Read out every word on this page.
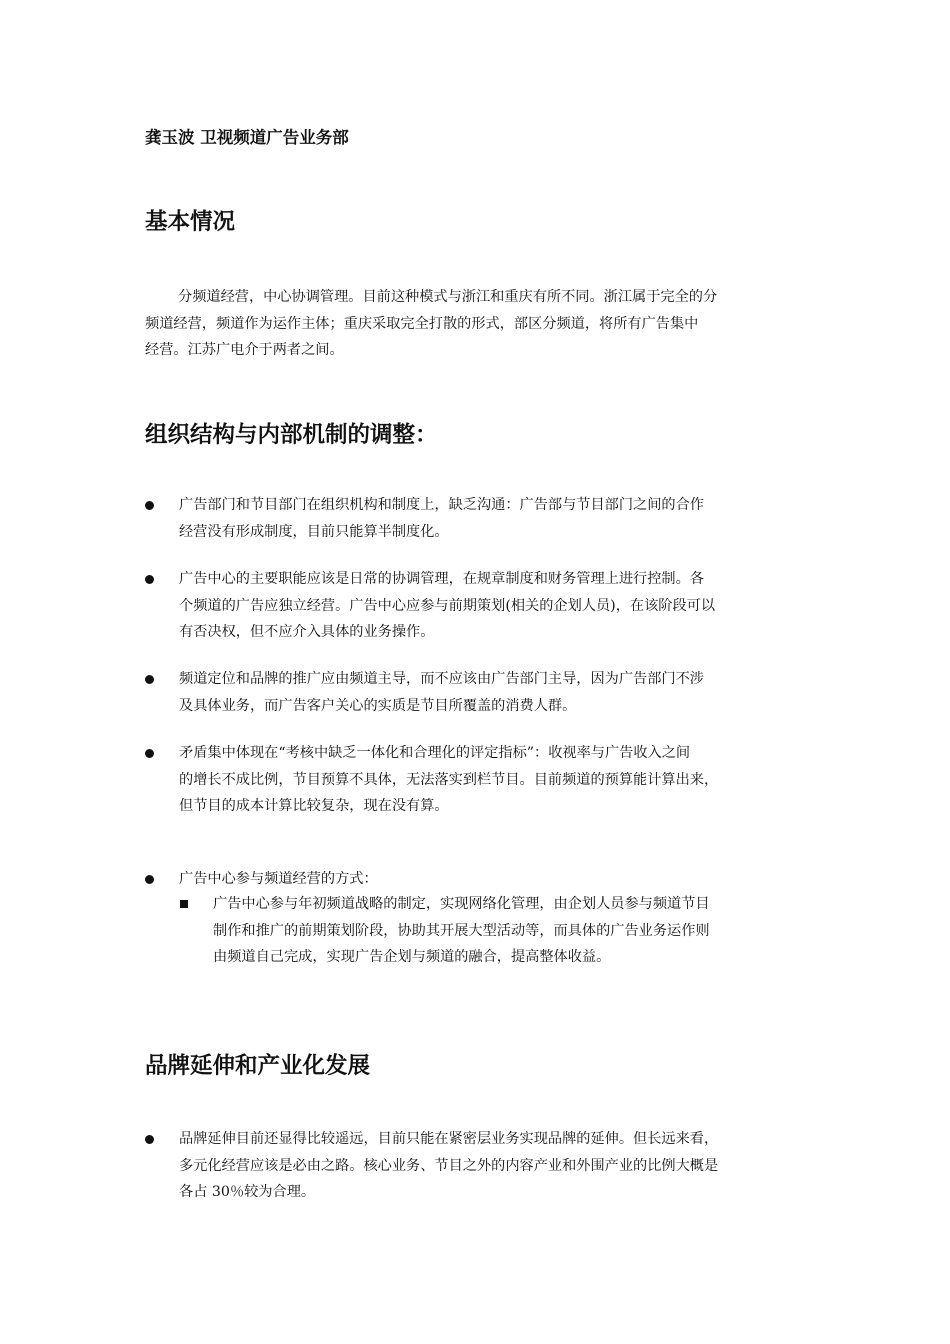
龚玉波 卫视频道广告业务部
基本情况
分频道经营，中心协调管理。目前这种模式与浙江和重庆有所不同。浙江属于完全的分
频道经营，频道作为运作主体；重庆采取完全打散的形式，部区分频道，将所有广告集中
经营。江苏广电介于两者之间。
组织结构与内部机制的调整：
广告部门和节目部门在组织机构和制度上，缺乏沟通：广告部与节目部门之间的合作
经营没有形成制度，目前只能算半制度化。
广告中心的主要职能应该是日常的协调管理，在规章制度和财务管理上进行控制。各
个频道的广告应独立经营。广告中心应参与前期策划(相关的企划人员)，在该阶段可以
有否决权，但不应介入具体的业务操作。
频道定位和品牌的推广应由频道主导，而不应该由广告部门主导，因为广告部门不涉
及具体业务，而广告客户关心的实质是节目所覆盖的消费人群。
矛盾集中体现在“考核中缺乏一体化和合理化的评定指标”：收视率与广告收入之间
的增长不成比例，节目预算不具体，无法落实到栏节目。目前频道的预算能计算出来，
但节目的成本计算比较复杂，现在没有算。
广告中心参与频道经营的方式：
广告中心参与年初频道战略的制定，实现网络化管理，由企划人员参与频道节目
制作和推广的前期策划阶段，协助其开展大型活动等，而具体的广告业务运作则
由频道自己完成，实现广告企划与频道的融合，提高整体收益。
品牌延伸和产业化发展
品牌延伸目前还显得比较遥远，目前只能在紧密层业务实现品牌的延伸。但长远来看，
多元化经营应该是必由之路。核心业务、节目之外的内容产业和外围产业的比例大概是
各占 30％较为合理。
